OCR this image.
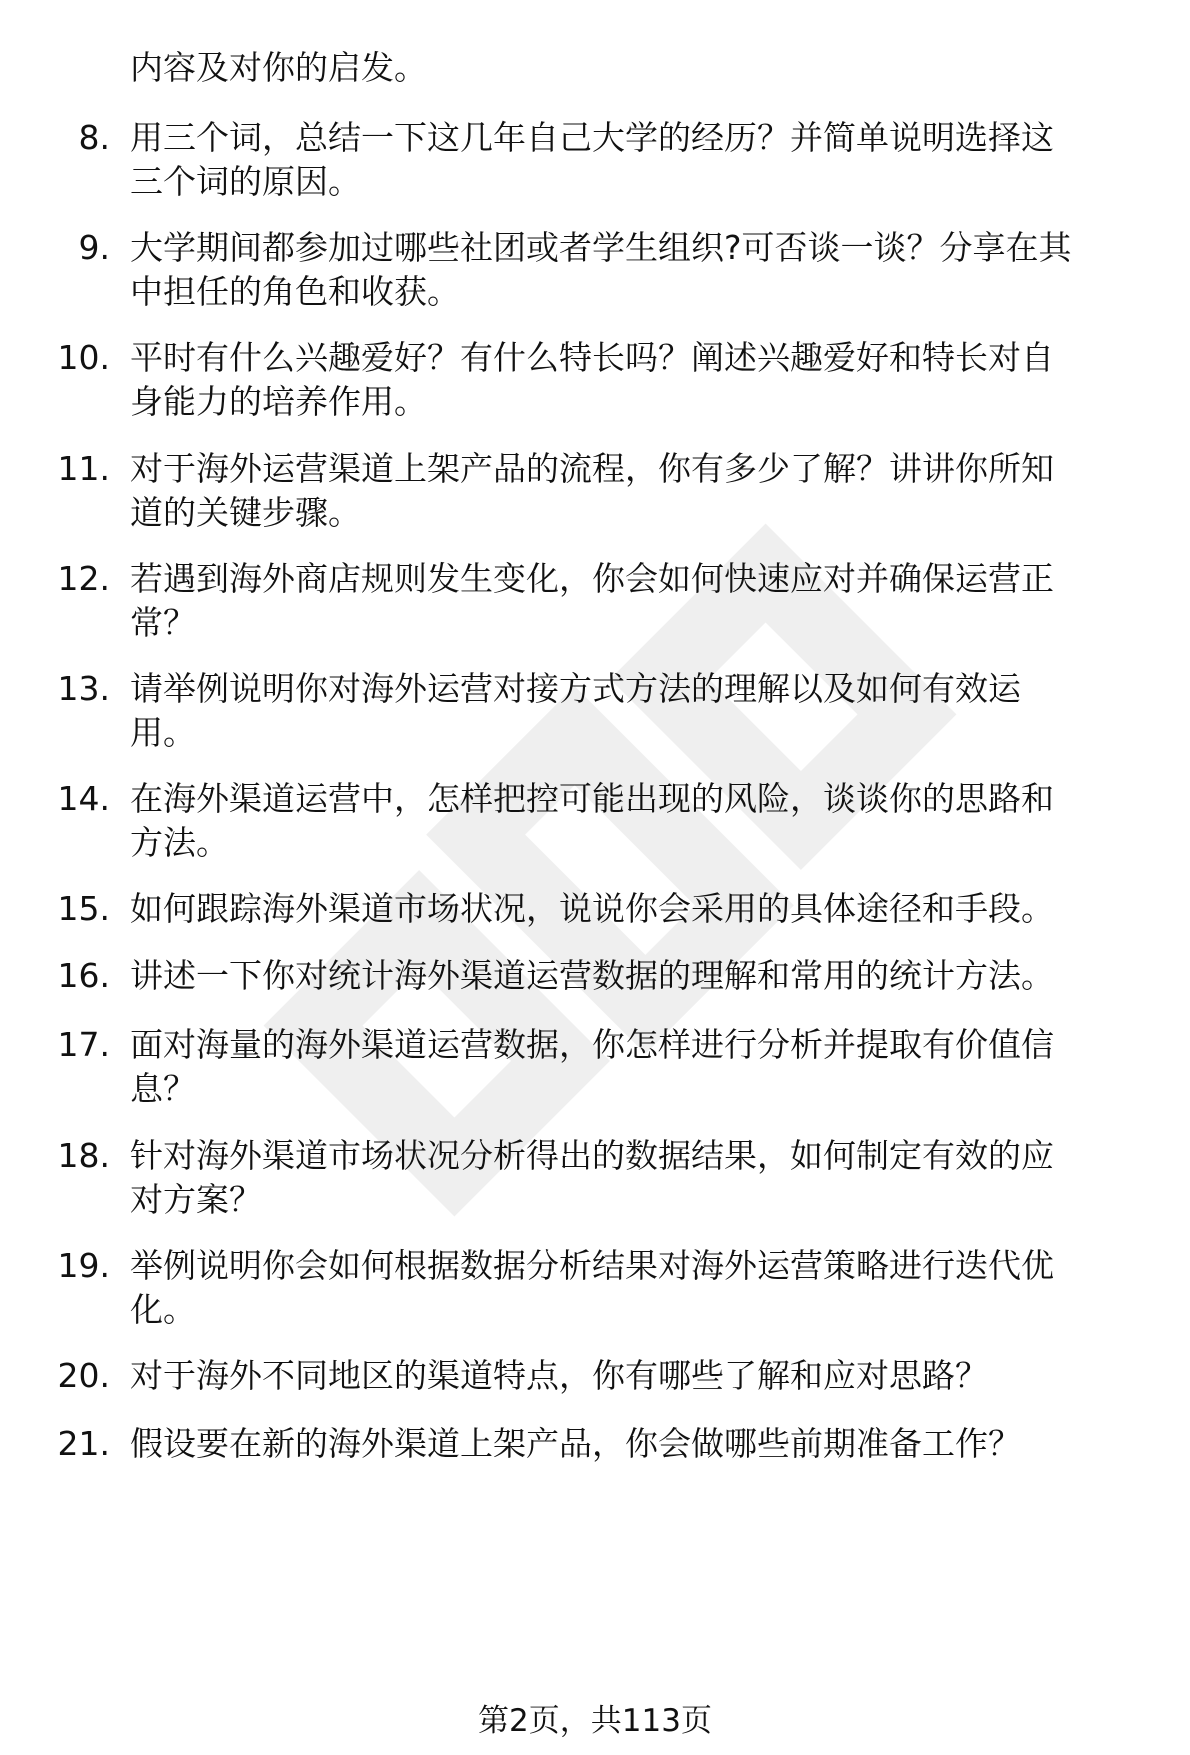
内容及对你的启发。
8. 用三个词，总结一下这几年自己大学的经历？并简单说明选择这
三个词的原因。
9. 大学期间都参加过哪些社团或者学生组织?可否谈一谈？分享在其
中担任的角色和收获。
10. 平时有什么兴趣爱好？有什么特长吗？阐述兴趣爱好和特长对自
身能力的培养作用。
11. 对于海外运营渠道上架产品的流程，你有多少了解？讲讲你所知
道的关键步骤。
12. 若遇到海外商店规则发生变化，你会如何快速应对并确保运营正
常？
13. 请举例说明你对海外运营对接方式方法的理解以及如何有效运
用。
14. 在海外渠道运营中，怎样把控可能出现的风险，谈谈你的思路和
方法。
15. 如何跟踪海外渠道市场状况，说说你会采用的具体途径和手段。
16. 讲述一下你对统计海外渠道运营数据的理解和常用的统计方法。
17. 面对海量的海外渠道运营数据，你怎样进行分析并提取有价值信
息？
18. 针对海外渠道市场状况分析得出的数据结果，如何制定有效的应
对方案？
19. 举例说明你会如何根据数据分析结果对海外运营策略进行迭代优
化。
20. 对于海外不同地区的渠道特点，你有哪些了解和应对思路？
21. 假设要在新的海外渠道上架产品，你会做哪些前期准备工作？
第2页，共113页
